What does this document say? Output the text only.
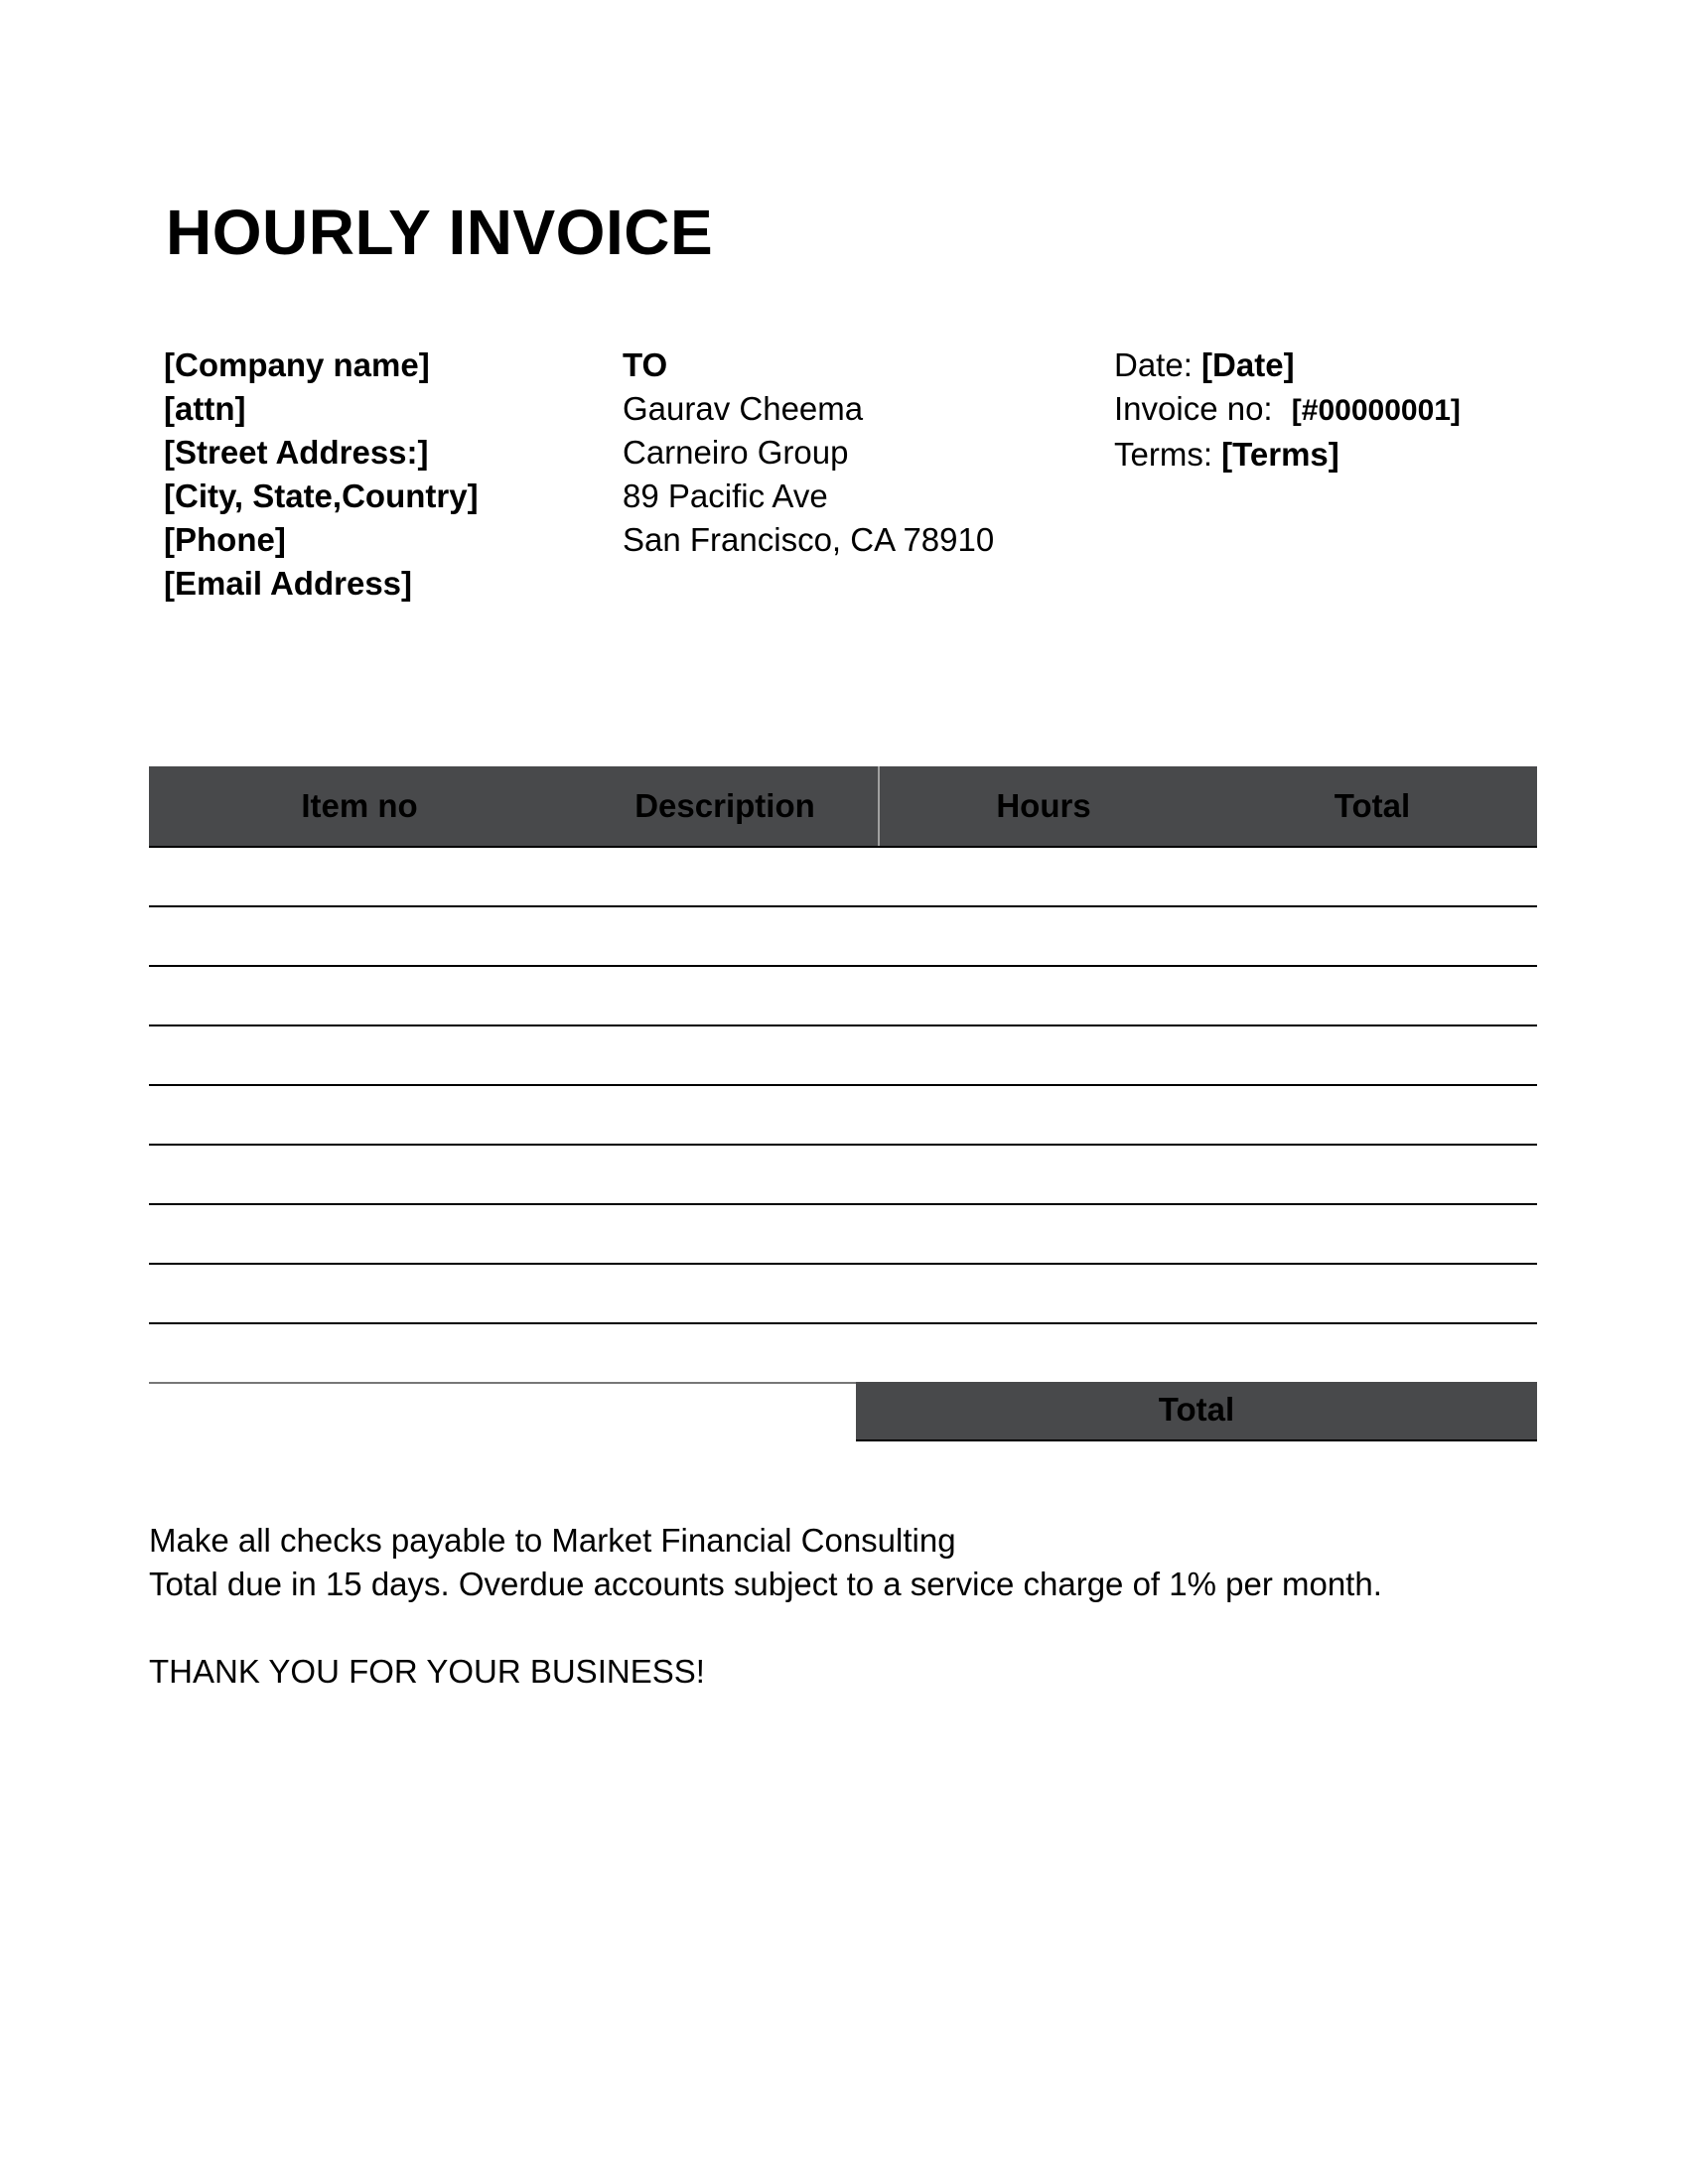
HOURLY INVOICE
[Company name]
[attn]
[Street Address:]
[City, State,Country]
[Phone]
[Email Address]
TO
Gaurav Cheema
Carneiro Group
89 Pacific Ave
San Francisco, CA 78910
Date: [Date]
Invoice no: [#00000001]
Terms: [Terms]
Item no	Description	Hours	Total
Total
Make all checks payable to Market Financial Consulting
Total due in 15 days. Overdue accounts subject to a service charge of 1% per month.
THANK YOU FOR YOUR BUSINESS!
